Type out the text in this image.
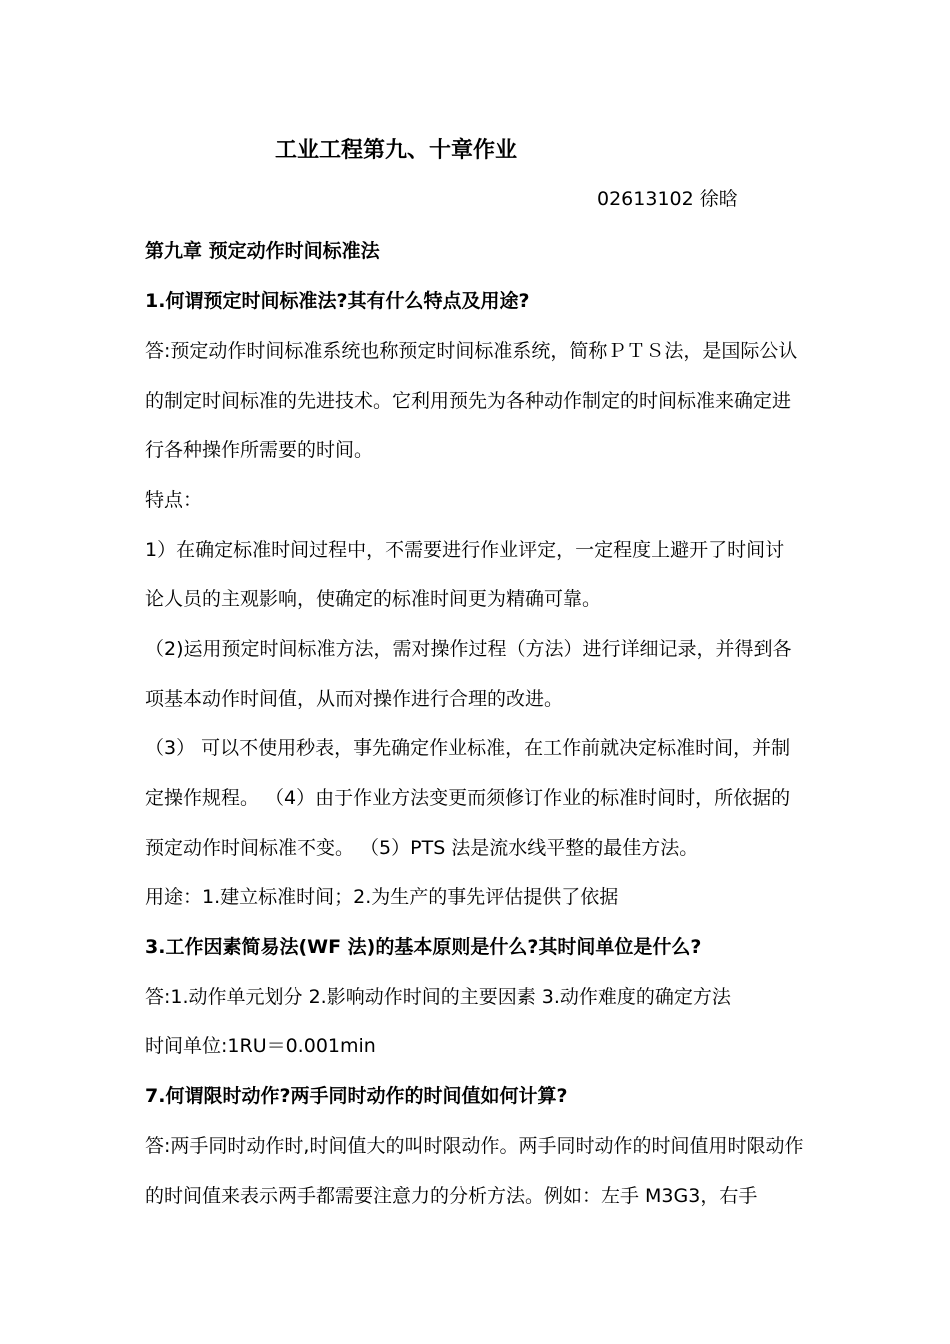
工业工程第九、十章作业
02613102 徐晗
第九章 预定动作时间标准法
1.何谓预定时间标准法?其有什么特点及用途?
答:预定动作时间标准系统也称预定时间标准系统，简称ＰＴＳ法，是国际公认
的制定时间标准的先进技术。它利用预先为各种动作制定的时间标准来确定进
行各种操作所需要的时间。
特点：
1）在确定标准时间过程中，不需要进行作业评定，一定程度上避开了时间讨
论人员的主观影响，使确定的标准时间更为精确可靠。
（2)运用预定时间标准方法，需对操作过程（方法）进行详细记录，并得到各
项基本动作时间值，从而对操作进行合理的改进。
（3） 可以不使用秒表，事先确定作业标准，在工作前就决定标准时间，并制
定操作规程。 （4）由于作业方法变更而须修订作业的标准时间时，所依据的
预定动作时间标准不变。 （5）PTS 法是流水线平整的最佳方法。
用途：1.建立标准时间；2.为生产的事先评估提供了依据
3.工作因素简易法(WF 法)的基本原则是什么?其时间单位是什么?
答:1.动作单元划分 2.影响动作时间的主要因素 3.动作难度的确定方法
时间单位:1RU＝0.001min
7.何谓限时动作?两手同时动作的时间值如何计算?
答:两手同时动作时,时间值大的叫时限动作。两手同时动作的时间值用时限动作
的时间值来表示两手都需要注意力的分析方法。例如：左手 M3G3，右手
